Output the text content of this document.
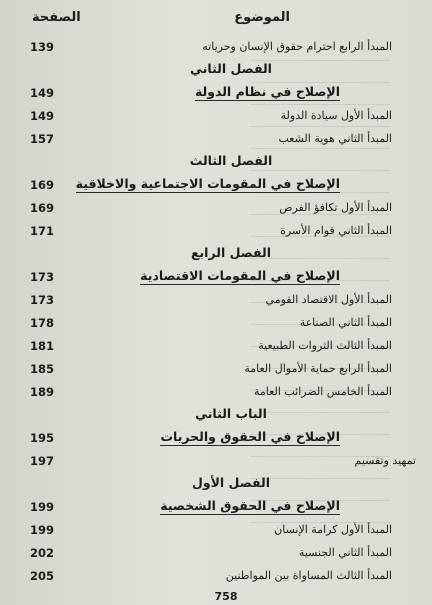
الموضوع
الصفحة
المبدأ الرابع احترام حقوق الإنسان وحرياته
139
الفصل الثاني
الإصلاح في نظام الدولة
149
المبدأ الأول سيادة الدولة
149
المبدأ الثاني هوية الشعب
157
الفصل الثالث
الإصلاح في المقومات الاجتماعية والاخلاقية
169
المبدأ الأول تكافؤ الفرص
169
المبدأ الثاني قوام الأسرة
171
الفصل الرابع
الإصلاح في المقومات الاقتصادية
173
المبدأ الأول الاقتصاد القومي
173
المبدأ الثاني الصناعة
178
المبدأ الثالث الثروات الطبيعية
181
المبدأ الرابع حماية الأموال العامة
185
المبدأ الخامس الضرائب العامة
189
الباب الثاني
الإصلاح في الحقوق والحريات
195
تمهيد وتقسيم
197
الفصل الأول
الإصلاح في الحقوق الشخصية
199
المبدأ الأول كرامة الإنسان
199
المبدأ الثاني الجنسية
202
المبدأ الثالث المساواة بين المواطنين
205
758
